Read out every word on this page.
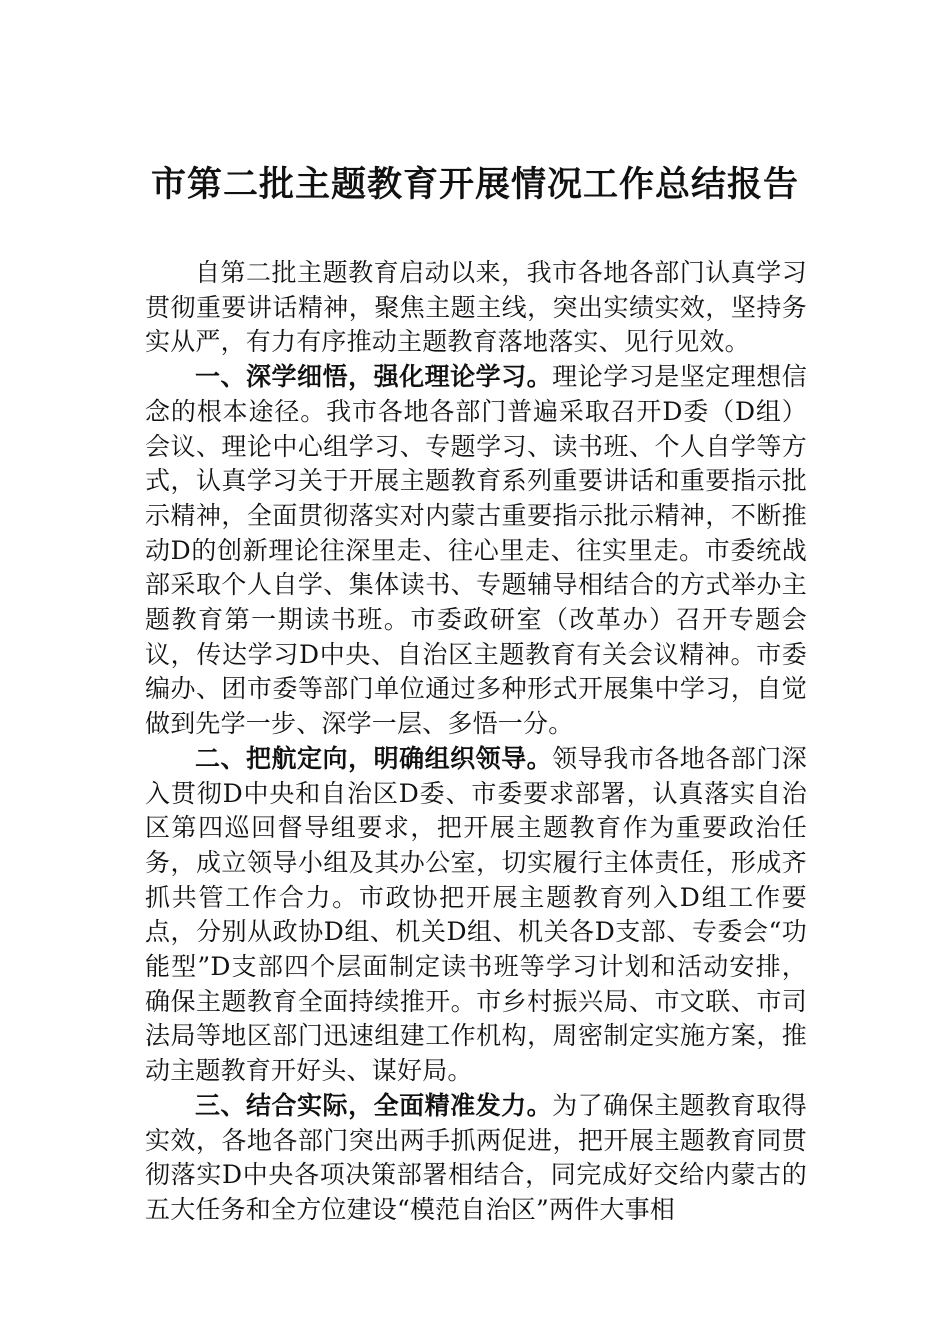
市第二批主题教育开展情况工作总结报告

自第二批主题教育启动以来，我市各地各部门认真学习贯彻重要讲话精神，聚焦主题主线，突出实绩实效，坚持务实从严，有力有序推动主题教育落地落实、见行见效。

一、深学细悟，强化理论学习。理论学习是坚定理想信念的根本途径。我市各地各部门普遍采取召开D委（D组）会议、理论中心组学习、专题学习、读书班、个人自学等方式，认真学习关于开展主题教育系列重要讲话和重要指示批示精神，全面贯彻落实对内蒙古重要指示批示精神，不断推动D的创新理论往深里走、往心里走、往实里走。市委统战部采取个人自学、集体读书、专题辅导相结合的方式举办主题教育第一期读书班。市委政研室（改革办）召开专题会议，传达学习D中央、自治区主题教育有关会议精神。市委编办、团市委等部门单位通过多种形式开展集中学习，自觉做到先学一步、深学一层、多悟一分。

二、把航定向，明确组织领导。领导我市各地各部门深入贯彻D中央和自治区D委、市委要求部署，认真落实自治区第四巡回督导组要求，把开展主题教育作为重要政治任务，成立领导小组及其办公室，切实履行主体责任，形成齐抓共管工作合力。市政协把开展主题教育列入D组工作要点，分别从政协D组、机关D组、机关各D支部、专委会“功能型”D支部四个层面制定读书班等学习计划和活动安排，确保主题教育全面持续推开。市乡村振兴局、市文联、市司法局等地区部门迅速组建工作机构，周密制定实施方案，推动主题教育开好头、谋好局。

三、结合实际，全面精准发力。为了确保主题教育取得实效，各地各部门突出两手抓两促进，把开展主题教育同贯彻落实D中央各项决策部署相结合，同完成好交给内蒙古的五大任务和全方位建设“模范自治区”两件大事相
